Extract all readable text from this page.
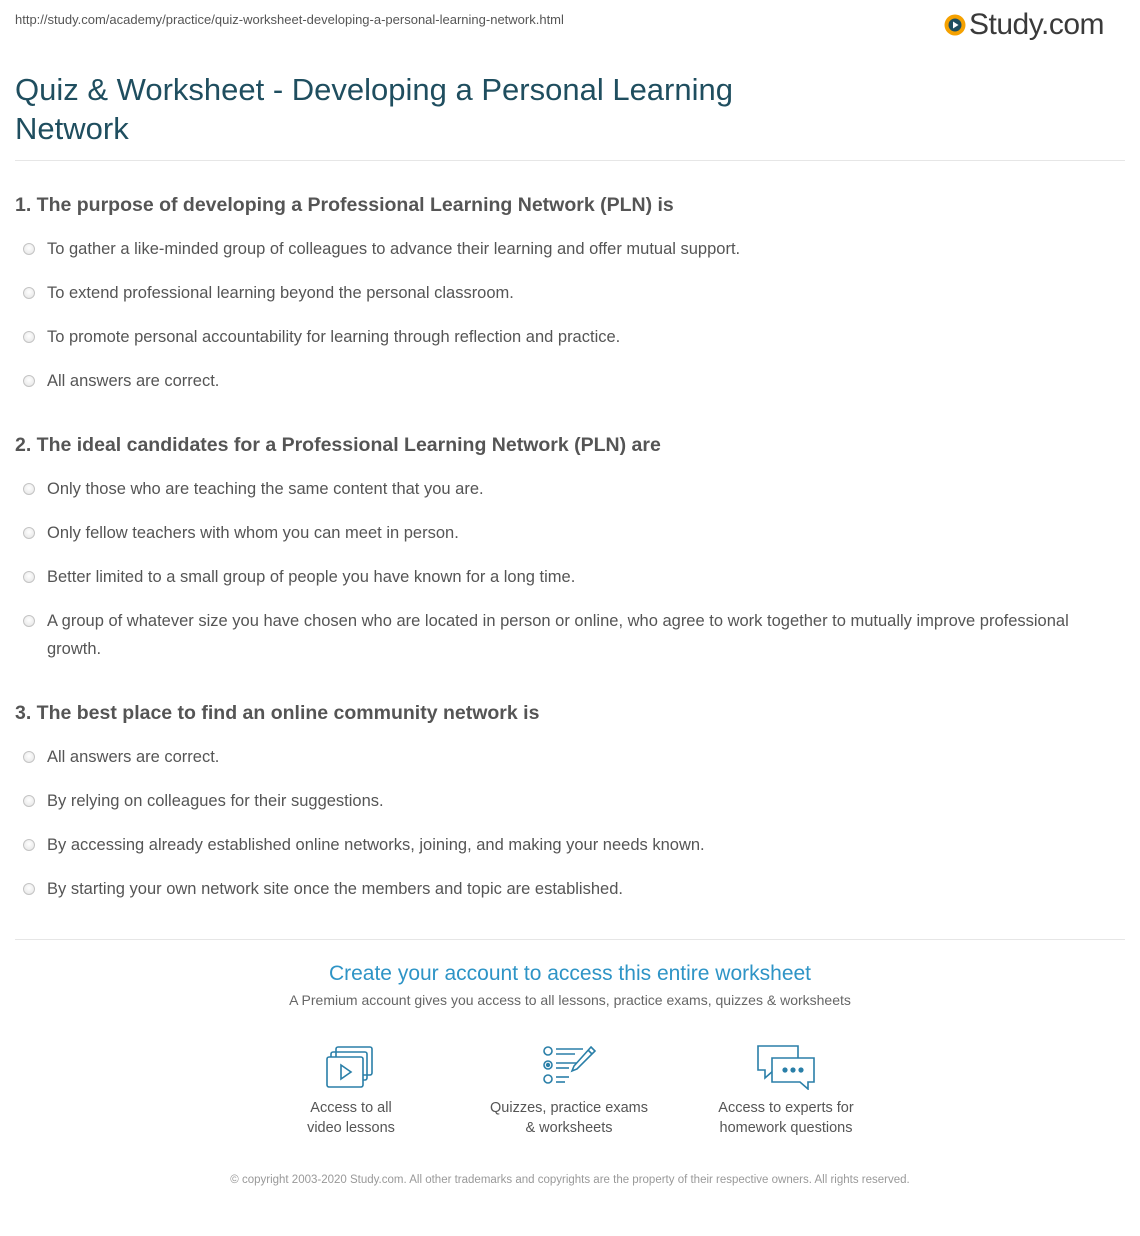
http://study.com/academy/practice/quiz-worksheet-developing-a-personal-learning-network.html	Study.com
Quiz & Worksheet - Developing a Personal Learning Network
1. The purpose of developing a Professional Learning Network (PLN) is
To gather a like-minded group of colleagues to advance their learning and offer mutual support.
To extend professional learning beyond the personal classroom.
To promote personal accountability for learning through reflection and practice.
All answers are correct.
2. The ideal candidates for a Professional Learning Network (PLN) are
Only those who are teaching the same content that you are.
Only fellow teachers with whom you can meet in person.
Better limited to a small group of people you have known for a long time.
A group of whatever size you have chosen who are located in person or online, who agree to work together to mutually improve professional growth.
3. The best place to find an online community network is
All answers are correct.
By relying on colleagues for their suggestions.
By accessing already established online networks, joining, and making your needs known.
By starting your own network site once the members and topic are established.
Create your account to access this entire worksheet
A Premium account gives you access to all lessons, practice exams, quizzes & worksheets
Access to all
video lessons
Quizzes, practice exams
& worksheets
Access to experts for
homework questions
© copyright 2003-2020 Study.com. All other trademarks and copyrights are the property of their respective owners. All rights reserved.
